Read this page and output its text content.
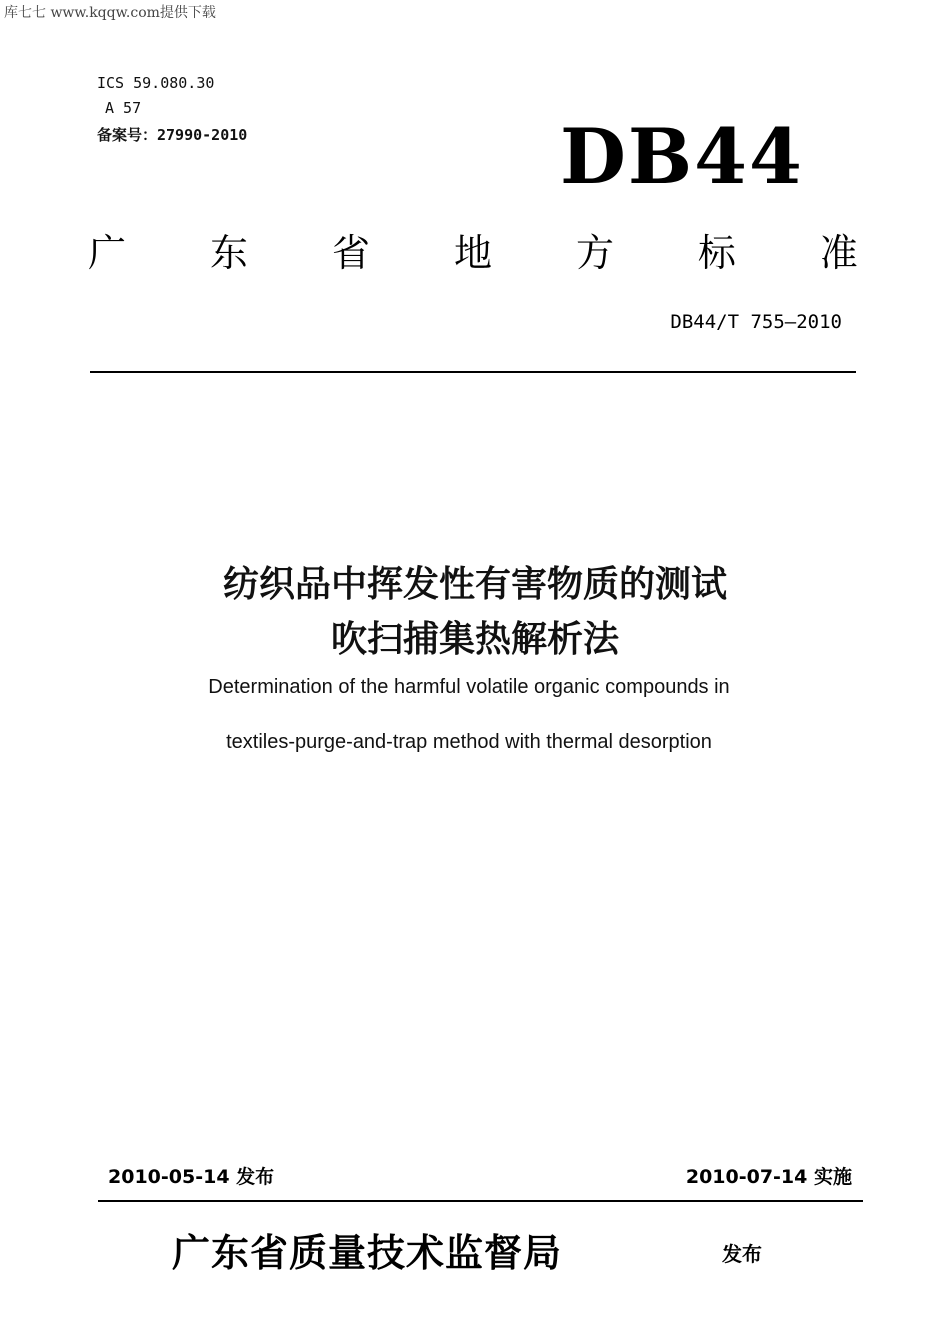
库七七 www.kqqw.com提供下载
ICS 59.080.30
A 57
备案号：27990-2010	DB44
广 东 省 地 方 标 准
DB44/T 755—2010
纺织品中挥发性有害物质的测试
吹扫捕集热解析法
Determination of the harmful volatile organic compounds in
textiles-purge-and-trap method with thermal desorption
2010-05-14 发布	2010-07-14 实施
广东省质量技术监督局	发布
